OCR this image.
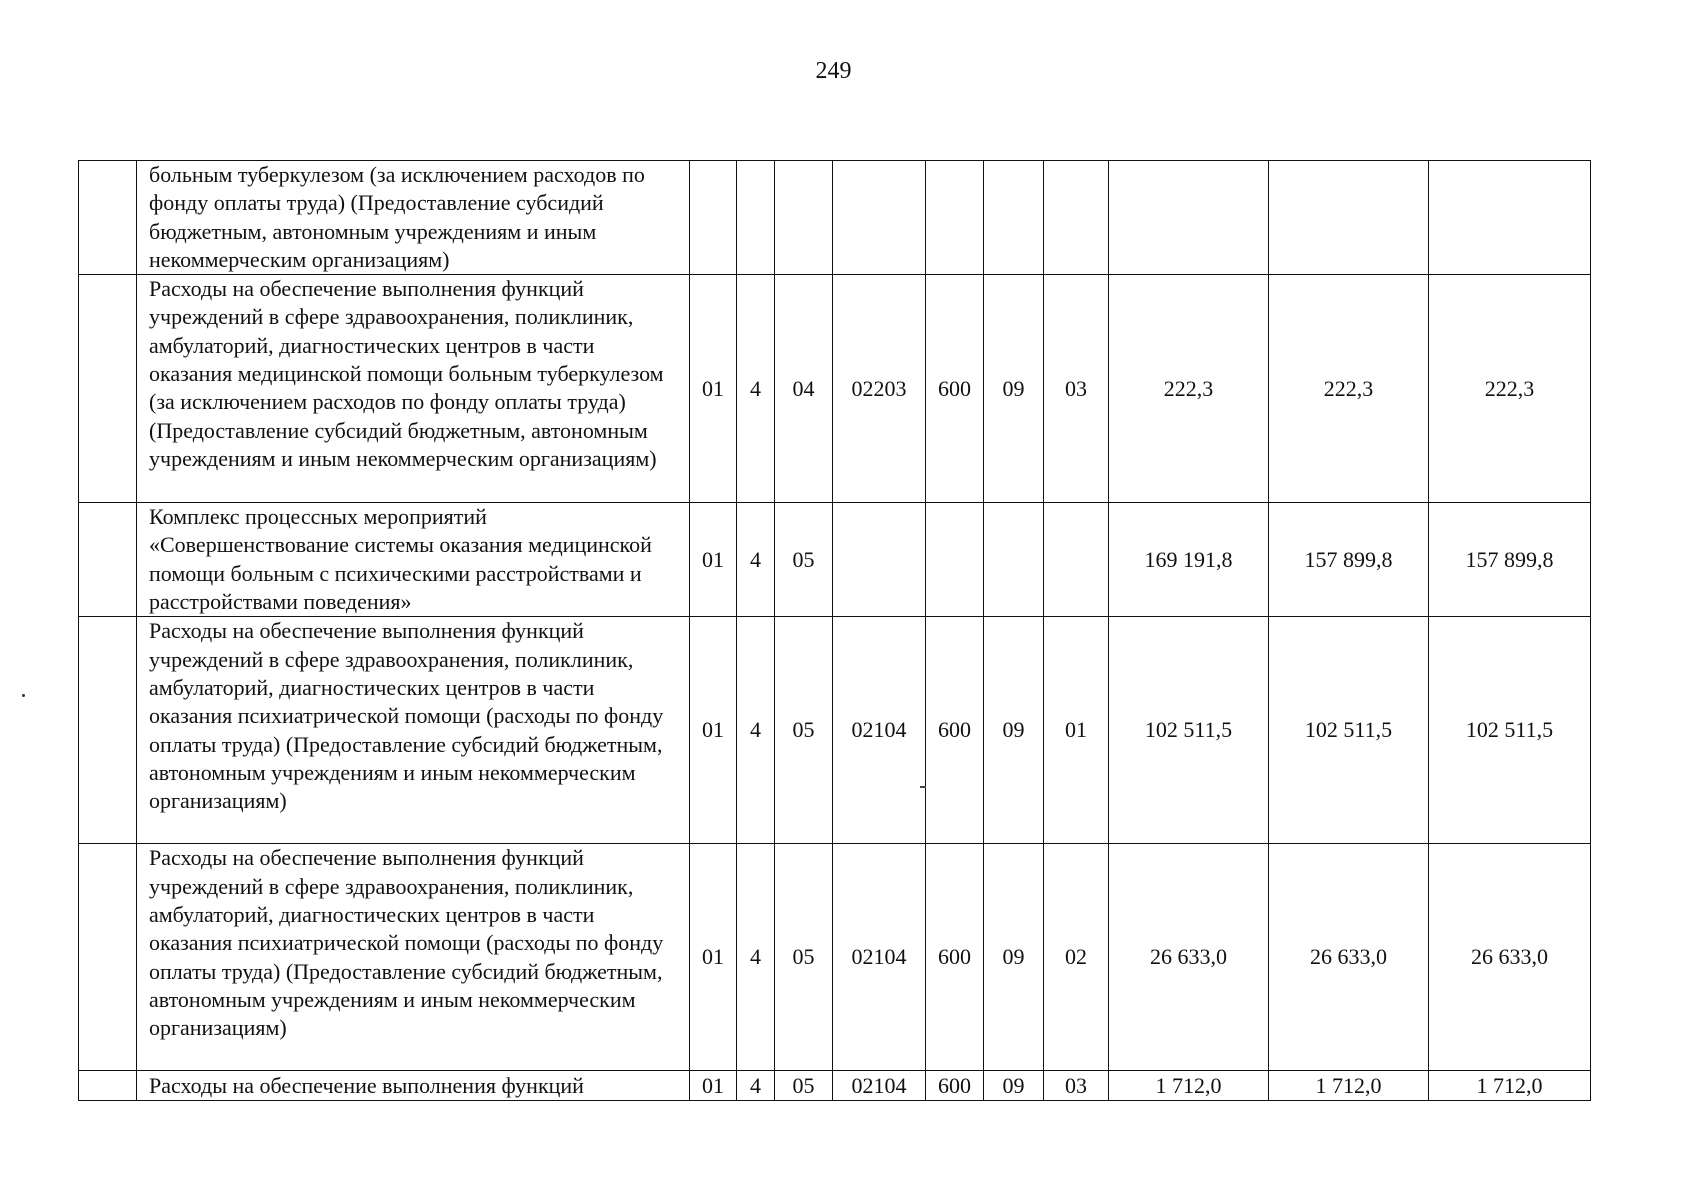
249
	больным туберкулезом (за исключением расходов по фонду оплаты труда) (Предоставление субсидий бюджетным, автономным учреждениям и иным некоммерческим организациям)										
	Расходы на обеспечение выполнения функций учреждений в сфере здравоохранения, поликлиник, амбулаторий, диагностических центров в части оказания медицинской помощи больным туберкулезом (за исключением расходов по фонду оплаты труда) (Предоставление субсидий бюджетным, автономным учреждениям и иным некоммерческим организациям)	01	4	04	02203	600	09	03	222,3	222,3	222,3
	Комплекс процессных мероприятий «Совершенствование системы оказания медицинской помощи больным с психическими расстройствами и расстройствами поведения»	01	4	05					169 191,8	157 899,8	157 899,8
	Расходы на обеспечение выполнения функций учреждений в сфере здравоохранения, поликлиник, амбулаторий, диагностических центров в части оказания психиатрической помощи (расходы по фонду оплаты труда) (Предоставление субсидий бюджетным, автономным учреждениям и иным некоммерческим организациям)	01	4	05	02104	600	09	01	102 511,5	102 511,5	102 511,5
	Расходы на обеспечение выполнения функций учреждений в сфере здравоохранения, поликлиник, амбулаторий, диагностических центров в части оказания психиатрической помощи (расходы по фонду оплаты труда) (Предоставление субсидий бюджетным, автономным учреждениям и иным некоммерческим организациям)	01	4	05	02104	600	09	02	26 633,0	26 633,0	26 633,0
	Расходы на обеспечение выполнения функций	01	4	05	02104	600	09	03	1 712,0	1 712,0	1 712,0
